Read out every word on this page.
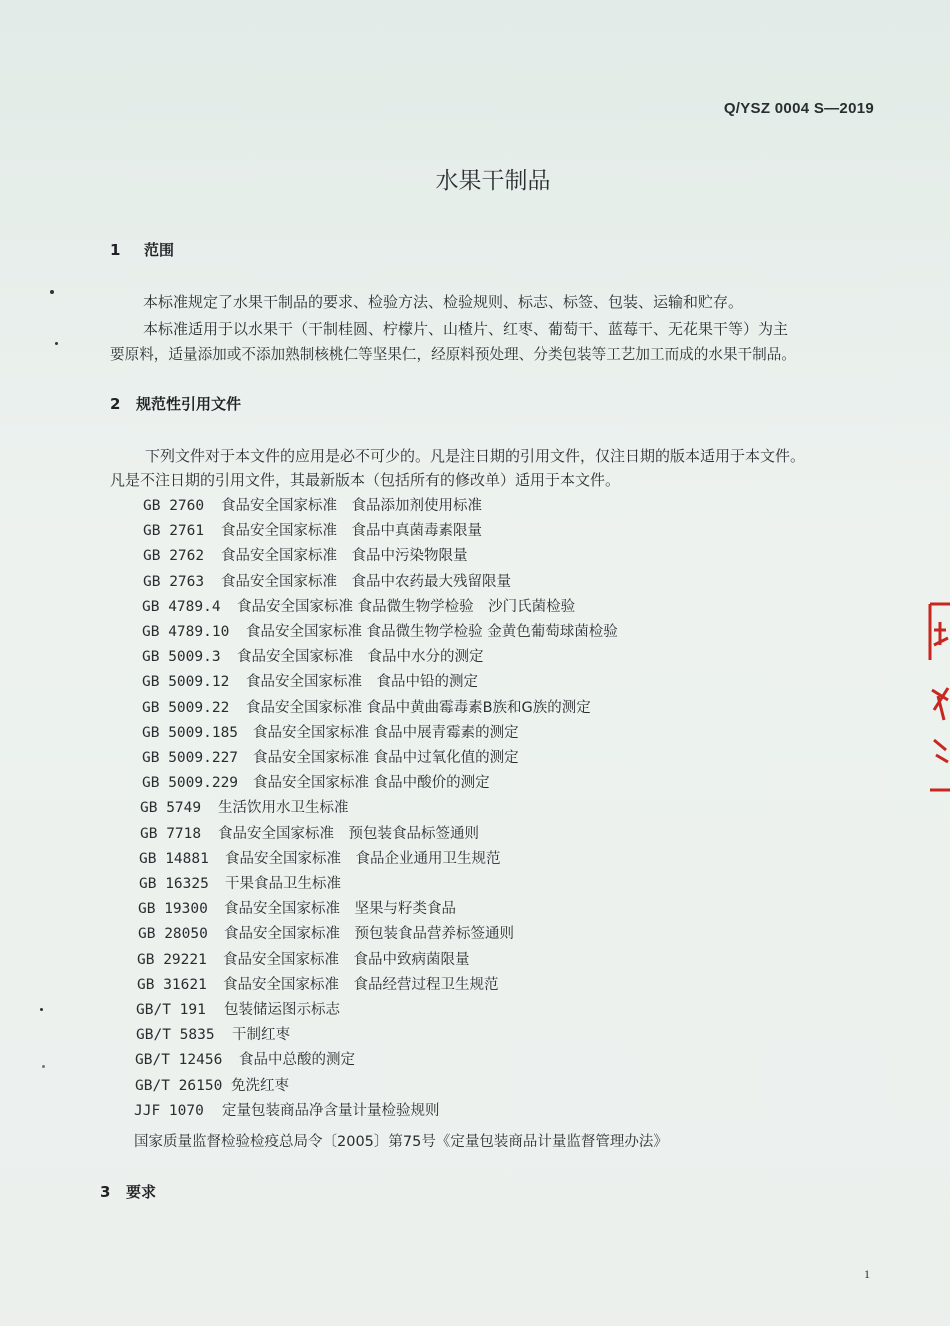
Q/YSZ 0004 S—2019
水果干制品
1 范围
本标准规定了水果干制品的要求、检验方法、检验规则、标志、标签、包装、运输和贮存。
本标准适用于以水果干（干制桂圆、柠檬片、山楂片、红枣、葡萄干、蓝莓干、无花果干等）为主
要原料，适量添加或不添加熟制核桃仁等坚果仁，经原料预处理、分类包装等工艺加工而成的水果干制品。
2 规范性引用文件
下列文件对于本文件的应用是必不可少的。凡是注日期的引用文件，仅注日期的版本适用于本文件。
凡是不注日期的引用文件，其最新版本（包括所有的修改单）适用于本文件。
GB 2760 食品安全国家标准　食品添加剂使用标准
GB 2761 食品安全国家标准　食品中真菌毒素限量
GB 2762 食品安全国家标准　食品中污染物限量
GB 2763 食品安全国家标准　食品中农药最大残留限量
GB 4789.4 食品安全国家标准 食品微生物学检验　沙门氏菌检验
GB 4789.10 食品安全国家标准 食品微生物学检验 金黄色葡萄球菌检验
GB 5009.3 食品安全国家标准　食品中水分的测定
GB 5009.12 食品安全国家标准　食品中铅的测定
GB 5009.22 食品安全国家标准 食品中黄曲霉毒素B族和G族的测定
GB 5009.185 食品安全国家标准 食品中展青霉素的测定
GB 5009.227 食品安全国家标准 食品中过氧化值的测定
GB 5009.229 食品安全国家标准 食品中酸价的测定
GB 5749 生活饮用水卫生标准
GB 7718 食品安全国家标准　预包装食品标签通则
GB 14881 食品安全国家标准　食品企业通用卫生规范
GB 16325 干果食品卫生标准
GB 19300 食品安全国家标准　坚果与籽类食品
GB 28050 食品安全国家标准　预包装食品营养标签通则
GB 29221 食品安全国家标准　食品中致病菌限量
GB 31621 食品安全国家标准　食品经营过程卫生规范
GB/T 191 包装储运图示标志
GB/T 5835 干制红枣
GB/T 12456 食品中总酸的测定
GB/T 26150 免洗红枣
JJF 1070 定量包装商品净含量计量检验规则
国家质量监督检验检疫总局令〔2005〕第75号《定量包装商品计量监督管理办法》
3 要求
1
